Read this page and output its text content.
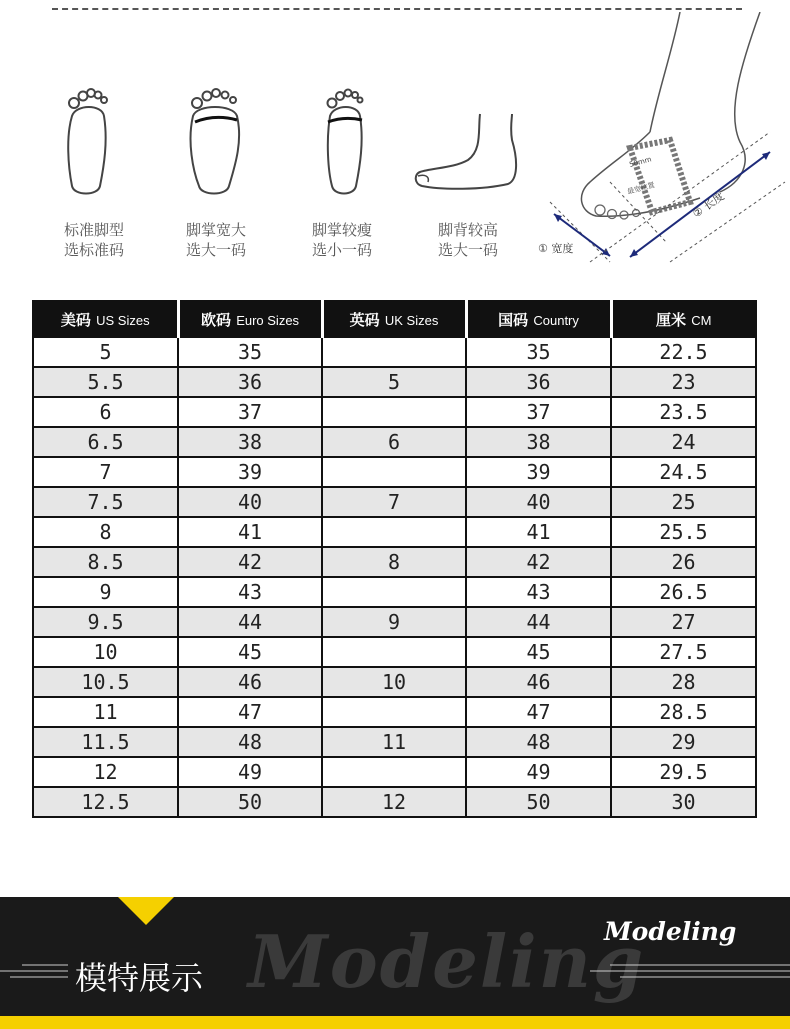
标准脚型
选标准码
脚掌宽大
选大一码
脚掌较瘦
选小一码
脚背较高
选大一码
50mm
最宽位置
① 宽度
② 长度
美码 US Sizes	欧码 Euro Sizes	英码 UK Sizes	国码 Country	厘米 CM
5	35		35	22.5
5.5	36	5	36	23
6	37		37	23.5
6.5	38	6	38	24
7	39		39	24.5
7.5	40	7	40	25
8	41		41	25.5
8.5	42	8	42	26
9	43		43	26.5
9.5	44	9	44	27
10	45		45	27.5
10.5	46	10	46	28
11	47		47	28.5
11.5	48	11	48	29
12	49		49	29.5
12.5	50	12	50	30
Modeling
Modeling
模特展示
